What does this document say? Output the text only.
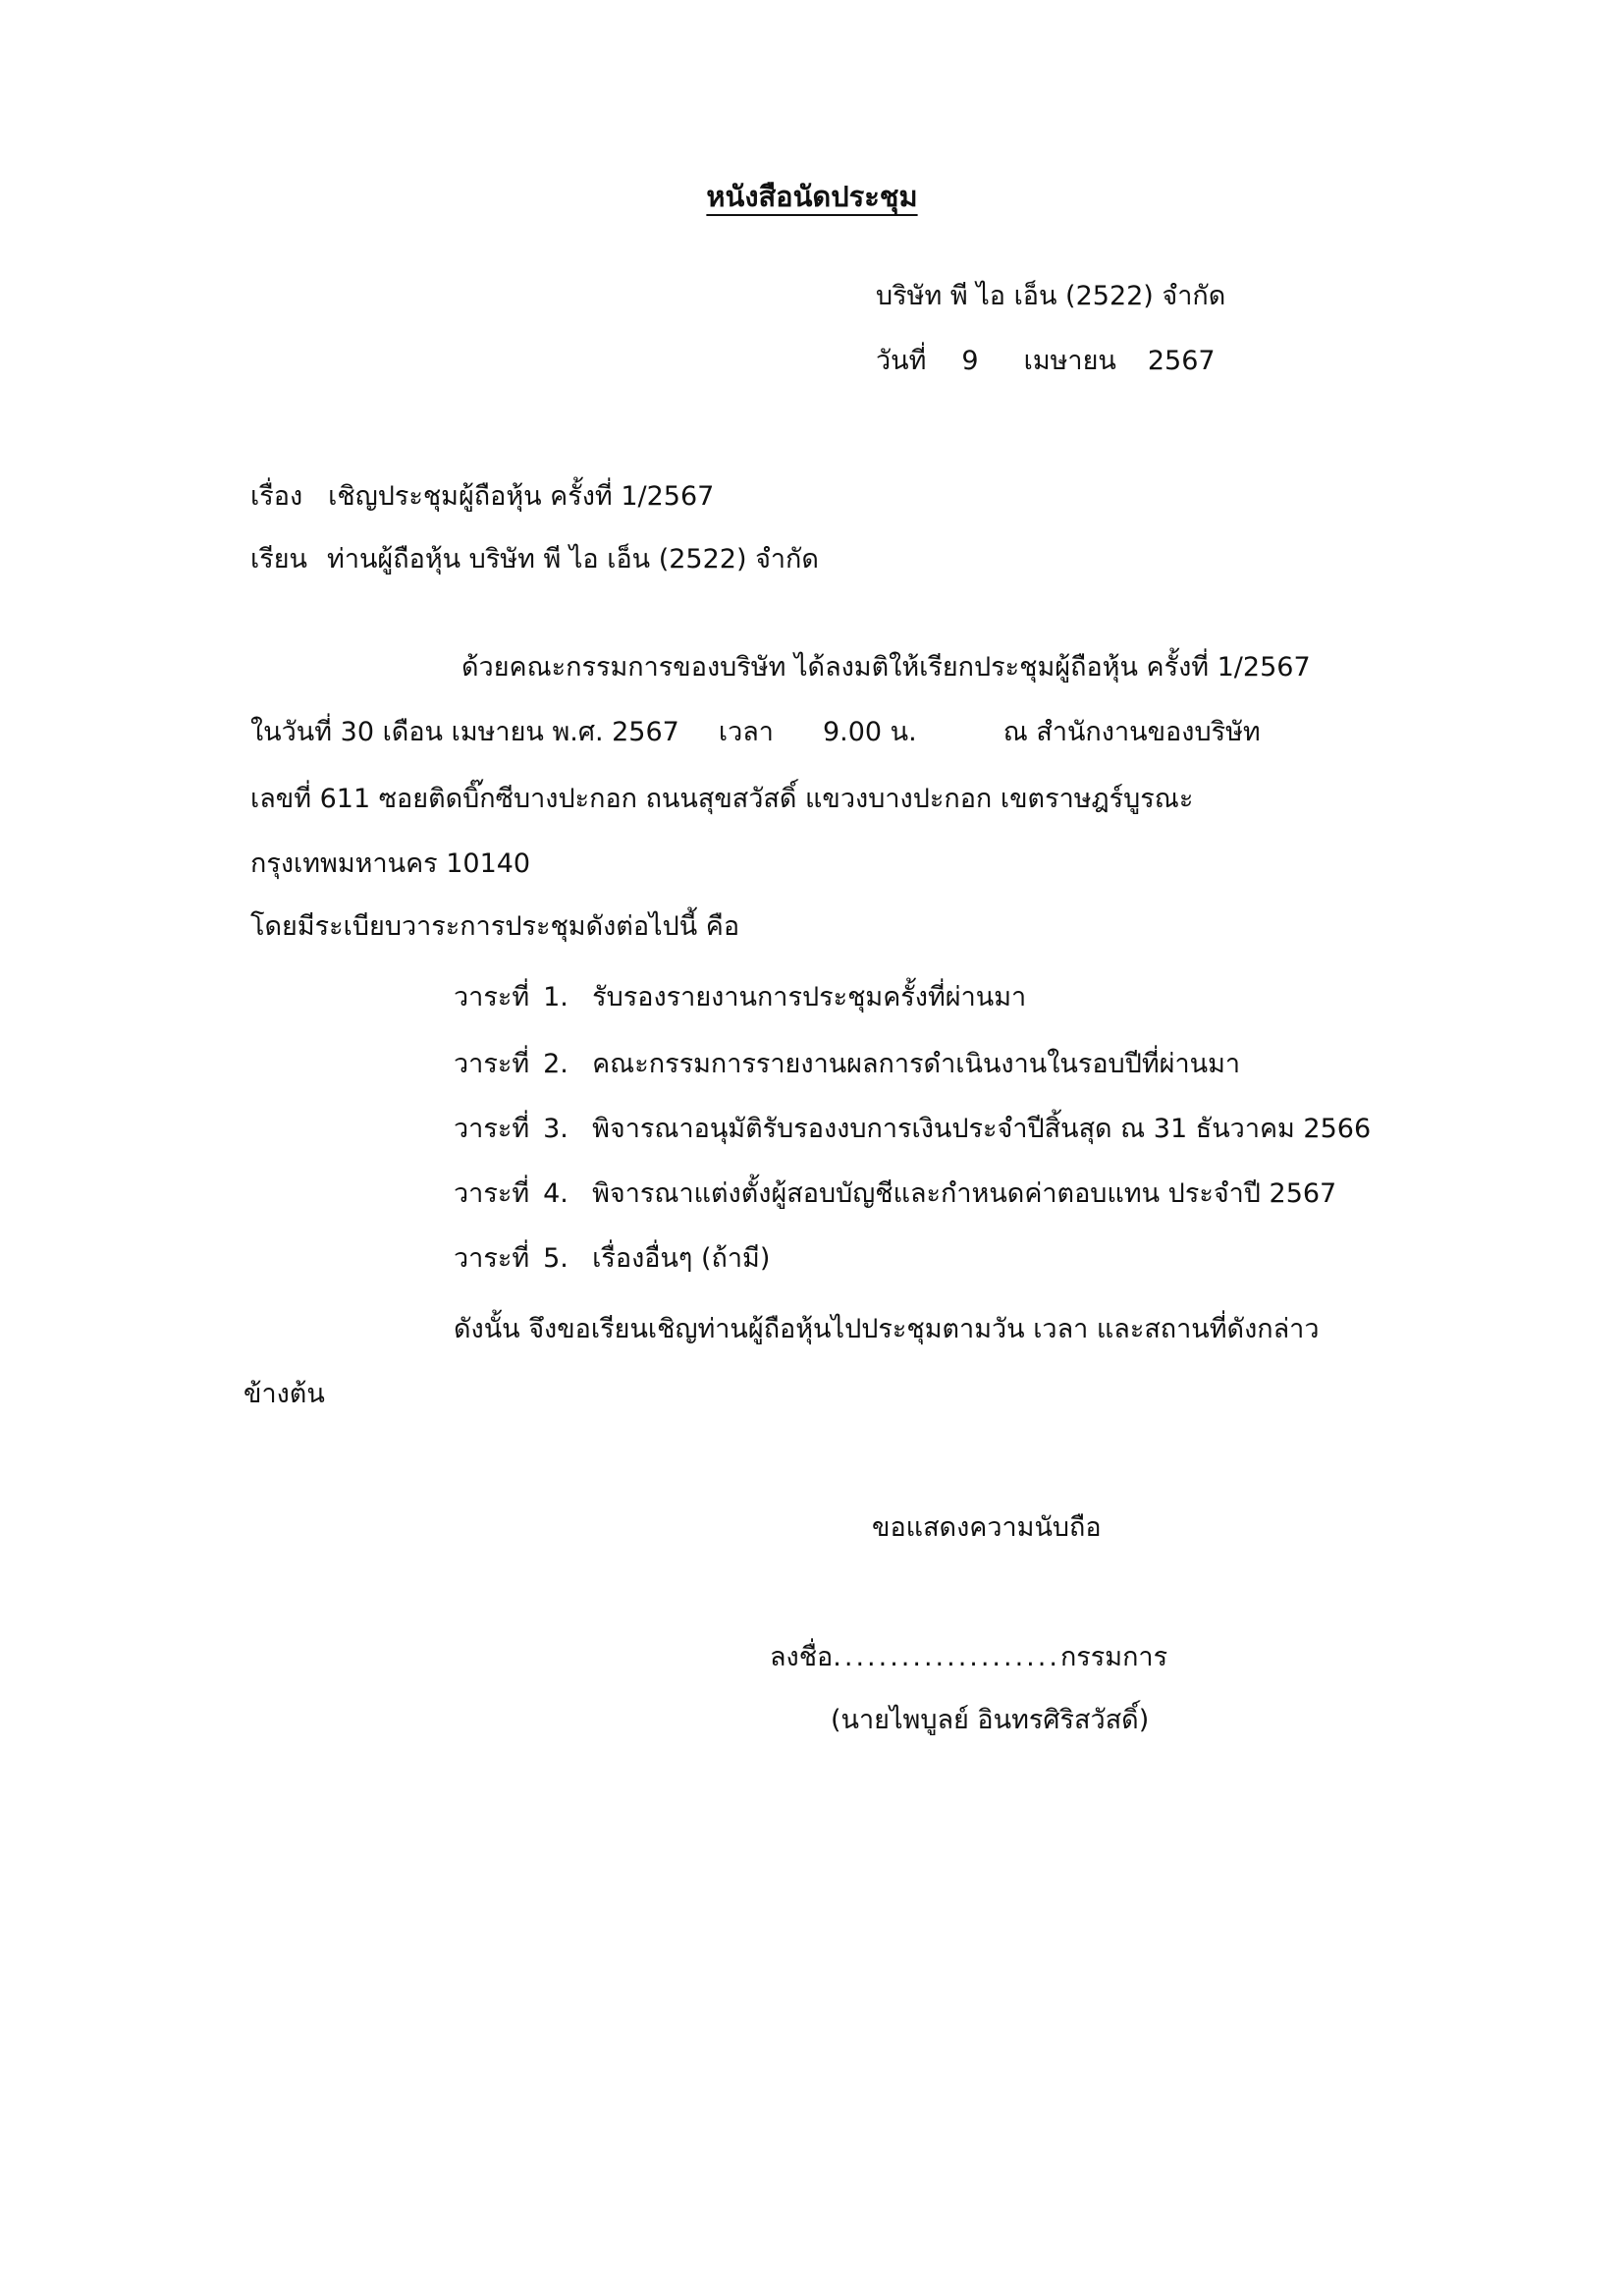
หนังสือนัดประชุม
บริษัท พี ไอ เอ็น (2522) จำกัด
วันที่ 9 เมษายน 2567
เรื่อง เชิญประชุมผู้ถือหุ้น ครั้งที่ 1/2567
เรียน ท่านผู้ถือหุ้น บริษัท พี ไอ เอ็น (2522) จำกัด
ด้วยคณะกรรมการของบริษัท ได้ลงมติให้เรียกประชุมผู้ถือหุ้น ครั้งที่ 1/2567
ในวันที่ 30 เดือน เมษายน พ.ศ. 2567 เวลา 9.00 น.	ณ สำนักงานของบริษัท
เลขที่ 611 ซอยติดบิ๊กซีบางปะกอก ถนนสุขสวัสดิ์ แขวงบางปะกอก เขตราษฎร์บูรณะ
กรุงเทพมหานคร 10140
โดยมีระเบียบวาระการประชุมดังต่อไปนี้ คือ
วาระที่ 1. รับรองรายงานการประชุมครั้งที่ผ่านมา
วาระที่ 2. คณะกรรมการรายงานผลการดำเนินงานในรอบปีที่ผ่านมา
วาระที่ 3. พิจารณาอนุมัติรับรองงบการเงินประจำปีสิ้นสุด ณ 31 ธันวาคม 2566
วาระที่ 4. พิจารณาแต่งตั้งผู้สอบบัญชีและกำหนดค่าตอบแทน ประจำปี 2567
วาระที่ 5. เรื่องอื่นๆ (ถ้ามี)
ดังนั้น จึงขอเรียนเชิญท่านผู้ถือหุ้นไปประชุมตามวัน เวลา และสถานที่ดังกล่าว
ข้างต้น
ขอแสดงความนับถือ
ลงชื่อ....................กรรมการ
(นายไพบูลย์ อินทรศิริสวัสดิ์)
